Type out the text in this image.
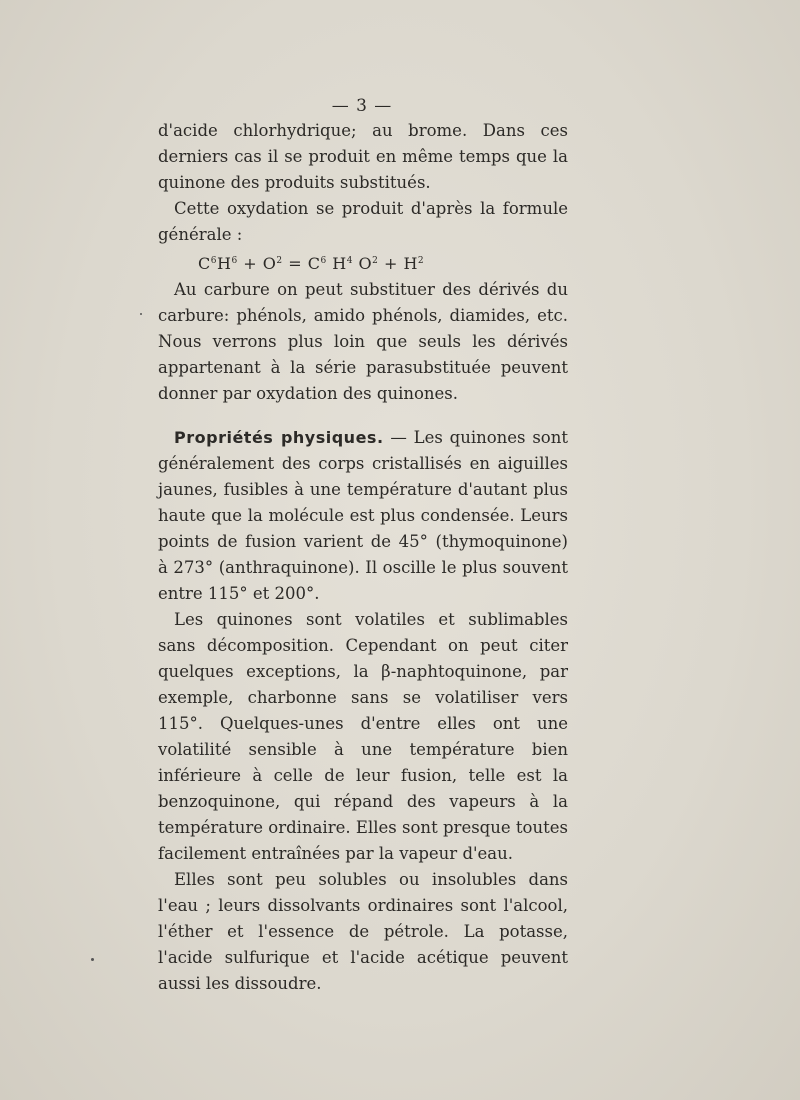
— 3 —

d'acide chlorhydrique; au brome. Dans ces derniers cas il se produit en même temps que la quinone des produits substitués.

Cette oxydation se produit d'après la formule générale :

$C^6H^6 + O^2 = C^6$ $H^4$ $O^2 + H^2$

Au carbure on peut substituer des dérivés du carbure: phénols, amido phénols, diamides, etc. Nous verrons plus loin que seuls les dérivés appartenant à la série parasubstituée peuvent donner par oxydation des quinones.

Propriétés physiques. — Les quinones sont généralement des corps cristallisés en aiguilles jaunes, fusibles à une température d'autant plus haute que la molécule est plus condensée. Leurs points de fusion varient de 45° (thymoquinone) à 273° (anthraquinone). Il oscille le plus souvent entre 115° et 200°.

Les quinones sont volatiles et sublimables sans décomposition. Cependant on peut citer quelques exceptions, la β-naphtoquinone, par exemple, charbonne sans se volatiliser vers 115°. Quelques-unes d'entre elles ont une volatilité sensible à une température bien inférieure à celle de leur fusion, telle est la benzoquinone, qui répand des vapeurs à la température ordinaire. Elles sont presque toutes facilement entraînées par la vapeur d'eau.

Elles sont peu solubles ou insolubles dans l'eau ; leurs dissolvants ordinaires sont l'alcool, l'éther et l'essence de pétrole. La potasse, l'acide sulfurique et l'acide acétique peuvent aussi les dissoudre.
